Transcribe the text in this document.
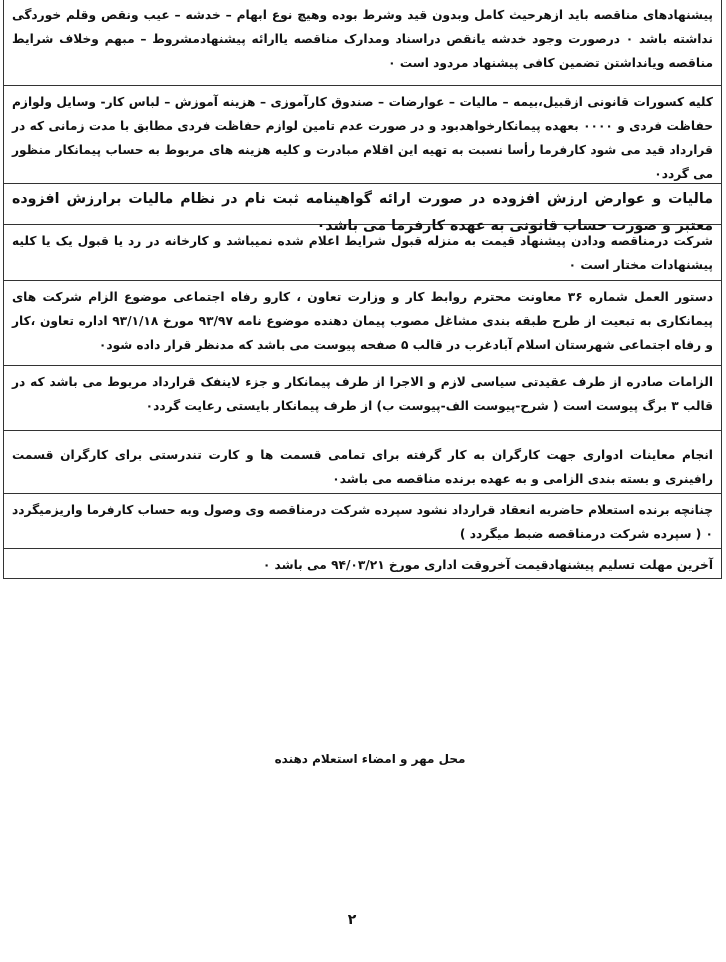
پیشنهادهای مناقصه باید ازهرحیث کامل وبدون قید وشرط بوده وهیچ نوع ابهام – خدشه – عیب ونقص وقلم خوردگی نداشته باشد ۰ درصورت وجود خدشه یانقص دراسناد ومدارک مناقصه یاارائه پیشنهادمشروط – مبهم وخلاف شرایط مناقصه ویانداشتن تضمین کافی پیشنهاد مردود است ۰
کلیه کسورات قانونی ازقبیل،بیمه – مالیات – عوارضات – صندوق کارآموزی – هزینه آموزش – لباس کار- وسایل ولوازم حفاظت فردی و ۰۰۰۰ بعهده پیمانکارخواهدبود و در صورت عدم تامین لوازم حفاظت فردی مطابق با مدت زمانی که در قرارداد قید می شود کارفرما رأسا نسبت به تهیه این اقلام مبادرت و کلیه هزینه های مربوط به حساب پیمانکار منظور می گردد۰
مالیات و عوارض ارزش افزوده در صورت ارائه گواهینامه ثبت نام در نظام مالیات برارزش افزوده معتبر و صورت حساب قانونی به عهده کارفرما می باشد۰
شرکت درمناقصه ودادن پیشنهاد قیمت به منزله قبول شرایط اعلام شده نمیباشد و کارخانه در رد یا قبول یک یا کلیه پیشنهادات مختار است ۰
دستور العمل شماره ۳۶ معاونت محترم روابط کار و وزارت تعاون ، کارو رفاه اجتماعی موضوع الزام شرکت های پیمانکاری به تبعیت از طرح طبقه بندی مشاغل مصوب پیمان دهنده موضوع نامه ۹۳/۹۷ مورخ ۹۳/۱/۱۸ اداره تعاون ،کار و رفاه اجتماعی شهرستان اسلام آبادغرب در قالب ۵ صفحه پیوست می باشد که مدنظر قرار داده شود۰
الزامات صادره از طرف عقیدتی سیاسی لازم و الاجرا از طرف پیمانکار و جزء لاینفک قرارداد مربوط می باشد که در قالب ۳ برگ پیوست است ( شرح-پیوست الف-پیوست ب) از طرف پیمانکار بایستی رعایت گردد۰
انجام معاینات ادواری جهت کارگران به کار گرفته برای تمامی قسمت ها و کارت تندرستی برای کارگران قسمت رافینری و بسته بندی الزامی و به عهده برنده مناقصه می باشد۰
چنانچه برنده استعلام حاضربه انعقاد قرارداد نشود سپرده شرکت درمناقصه وی وصول وبه حساب کارفرما واریزمیگردد ۰ ( سپرده شرکت درمناقصه ضبط میگردد )
آخرین مهلت تسلیم پیشنهادقیمت آخروقت اداری مورخ ۹۴/۰۳/۲۱ می باشد ۰
محل مهر و امضاء استعلام دهنده
۲
